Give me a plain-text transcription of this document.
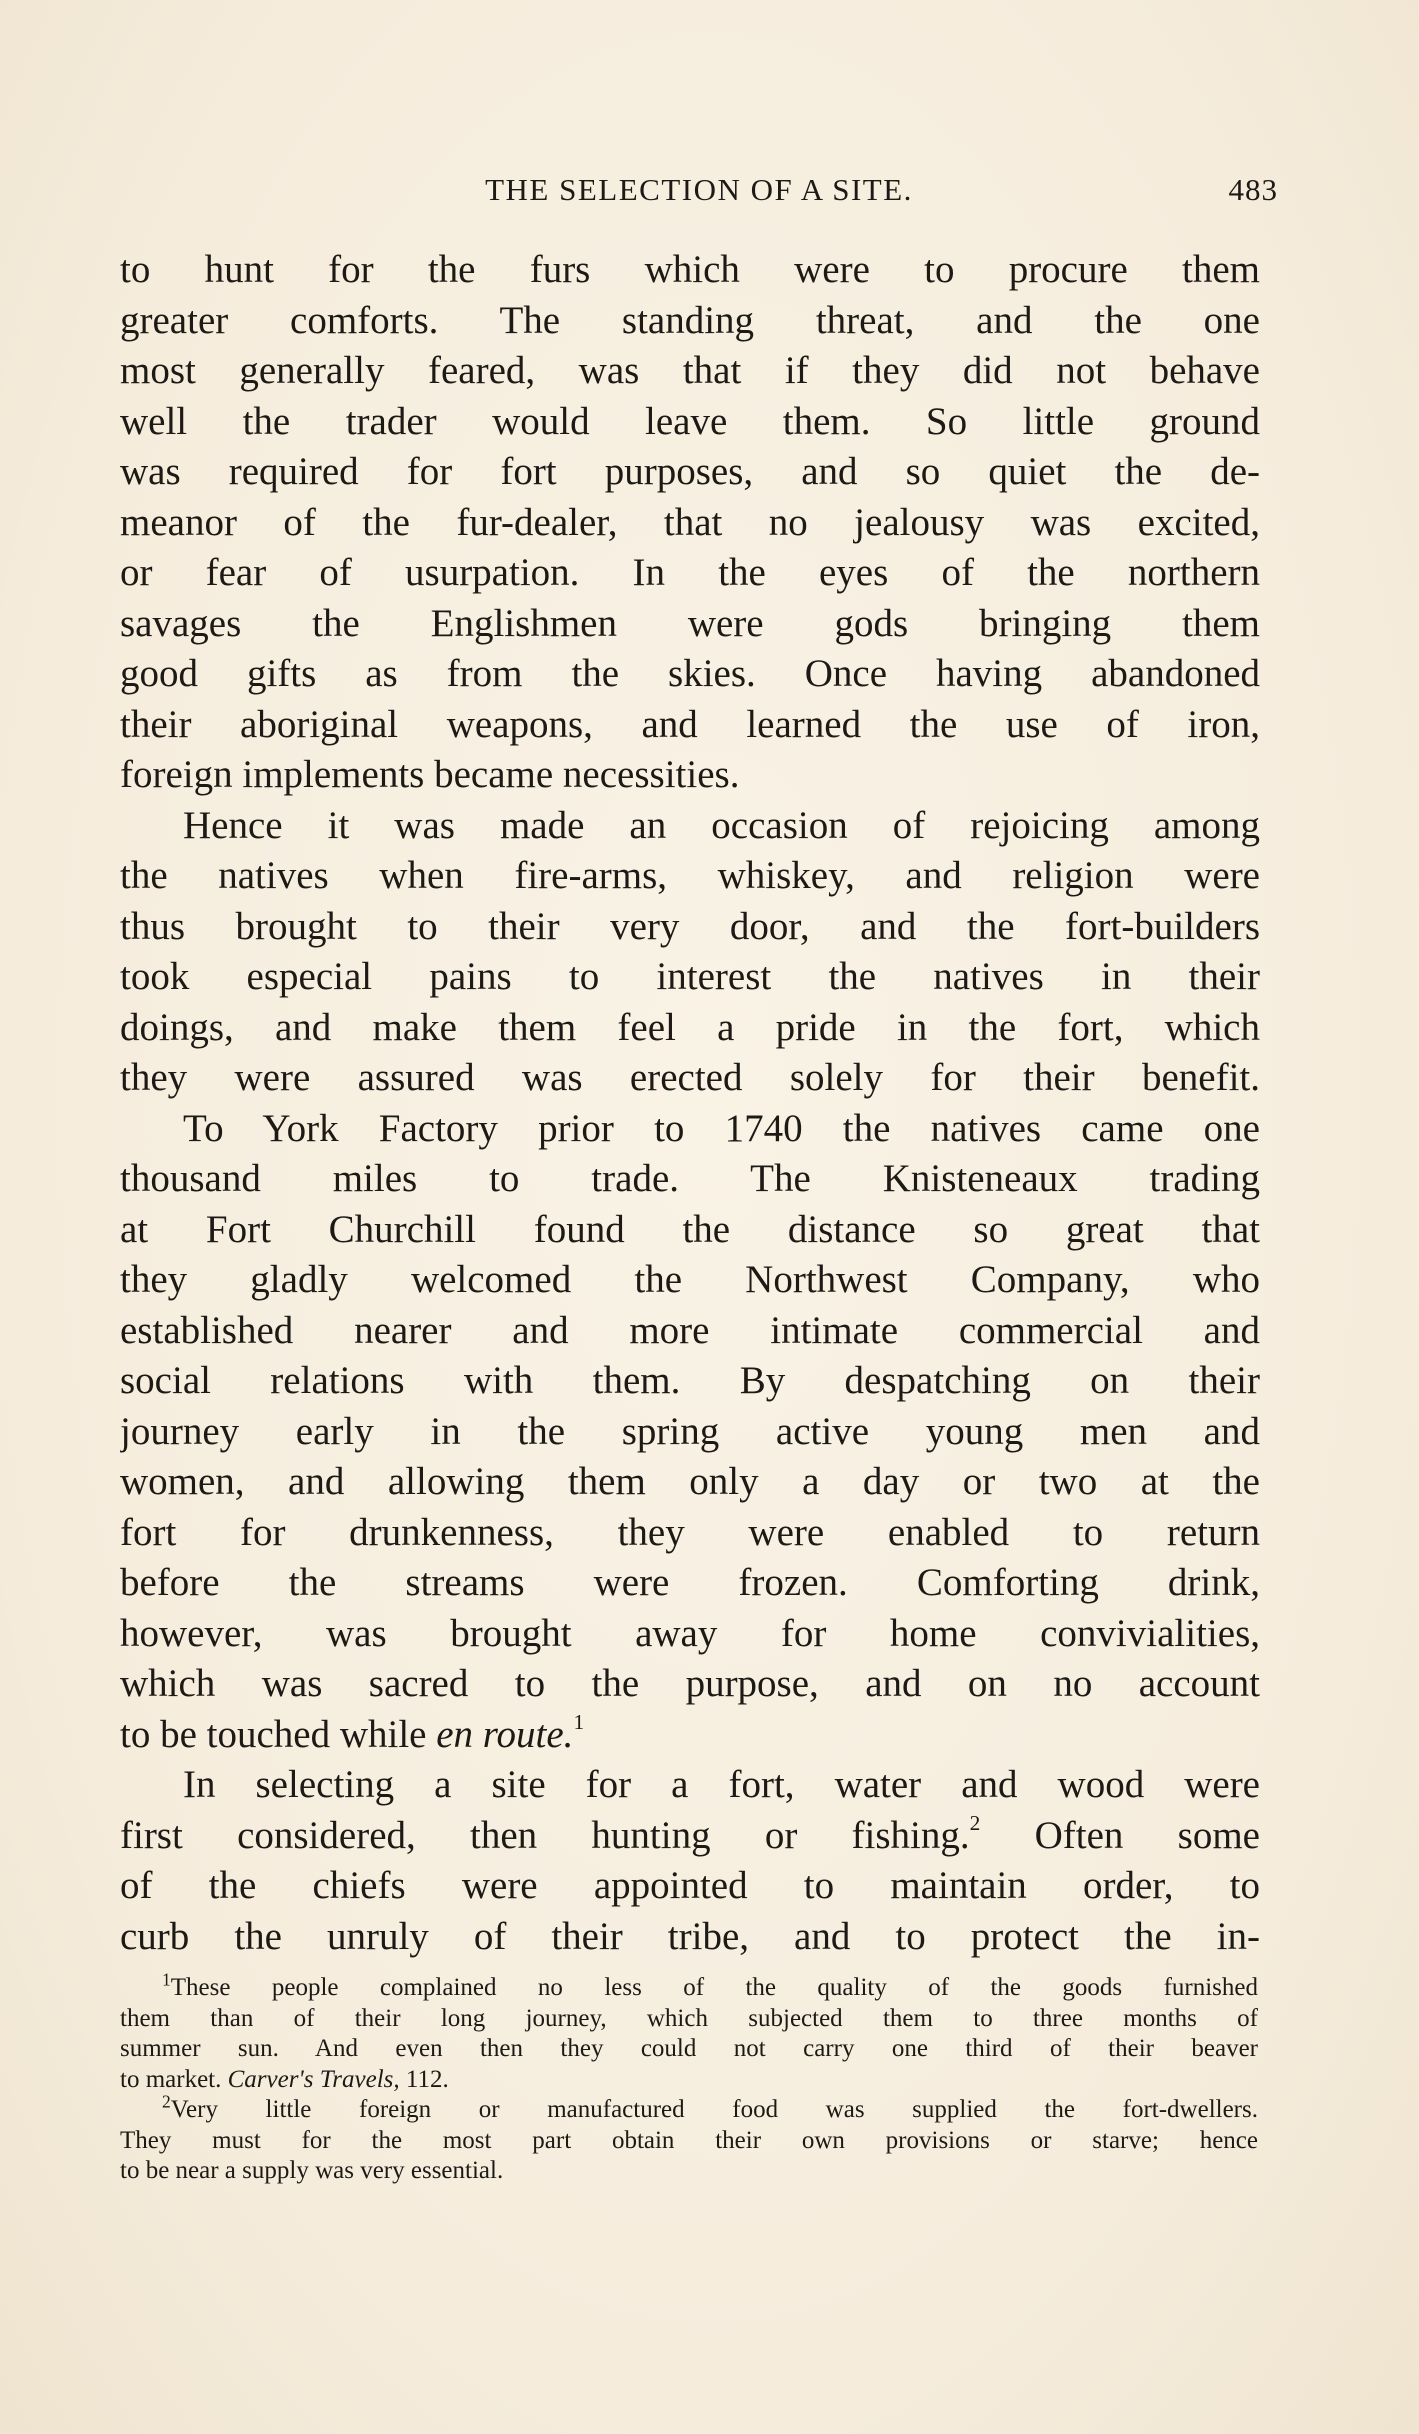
THE SELECTION OF A SITE.	483
to hunt for the furs which were to procure them
greater comforts. The standing threat, and the one
most generally feared, was that if they did not behave
well the trader would leave them. So little ground
was required for fort purposes, and so quiet the de-
meanor of the fur-dealer, that no jealousy was excited,
or fear of usurpation. In the eyes of the northern
savages the Englishmen were gods bringing them
good gifts as from the skies. Once having abandoned
their aboriginal weapons, and learned the use of iron,
foreign implements became necessities.
Hence it was made an occasion of rejoicing among
the natives when fire-arms, whiskey, and religion were
thus brought to their very door, and the fort-builders
took especial pains to interest the natives in their
doings, and make them feel a pride in the fort, which
they were assured was erected solely for their benefit.
To York Factory prior to 1740 the natives came one
thousand miles to trade. The Knisteneaux trading
at Fort Churchill found the distance so great that
they gladly welcomed the Northwest Company, who
established nearer and more intimate commercial and
social relations with them. By despatching on their
journey early in the spring active young men and
women, and allowing them only a day or two at the
fort for drunkenness, they were enabled to return
before the streams were frozen. Comforting drink,
however, was brought away for home convivialities,
which was sacred to the purpose, and on no account
to be touched while en route.$^1$
In selecting a site for a fort, water and wood were
first considered, then hunting or fishing.$^2$ Often some
of the chiefs were appointed to maintain order, to
curb the unruly of their tribe, and to protect the in-
$^1$These people complained no less of the quality of the goods furnished
them than of their long journey, which subjected them to three months of
summer sun. And even then they could not carry one third of their beaver
to market. Carver's Travels, 112.
$^2$Very little foreign or manufactured food was supplied the fort-dwellers.
They must for the most part obtain their own provisions or starve; hence
to be near a supply was very essential.
